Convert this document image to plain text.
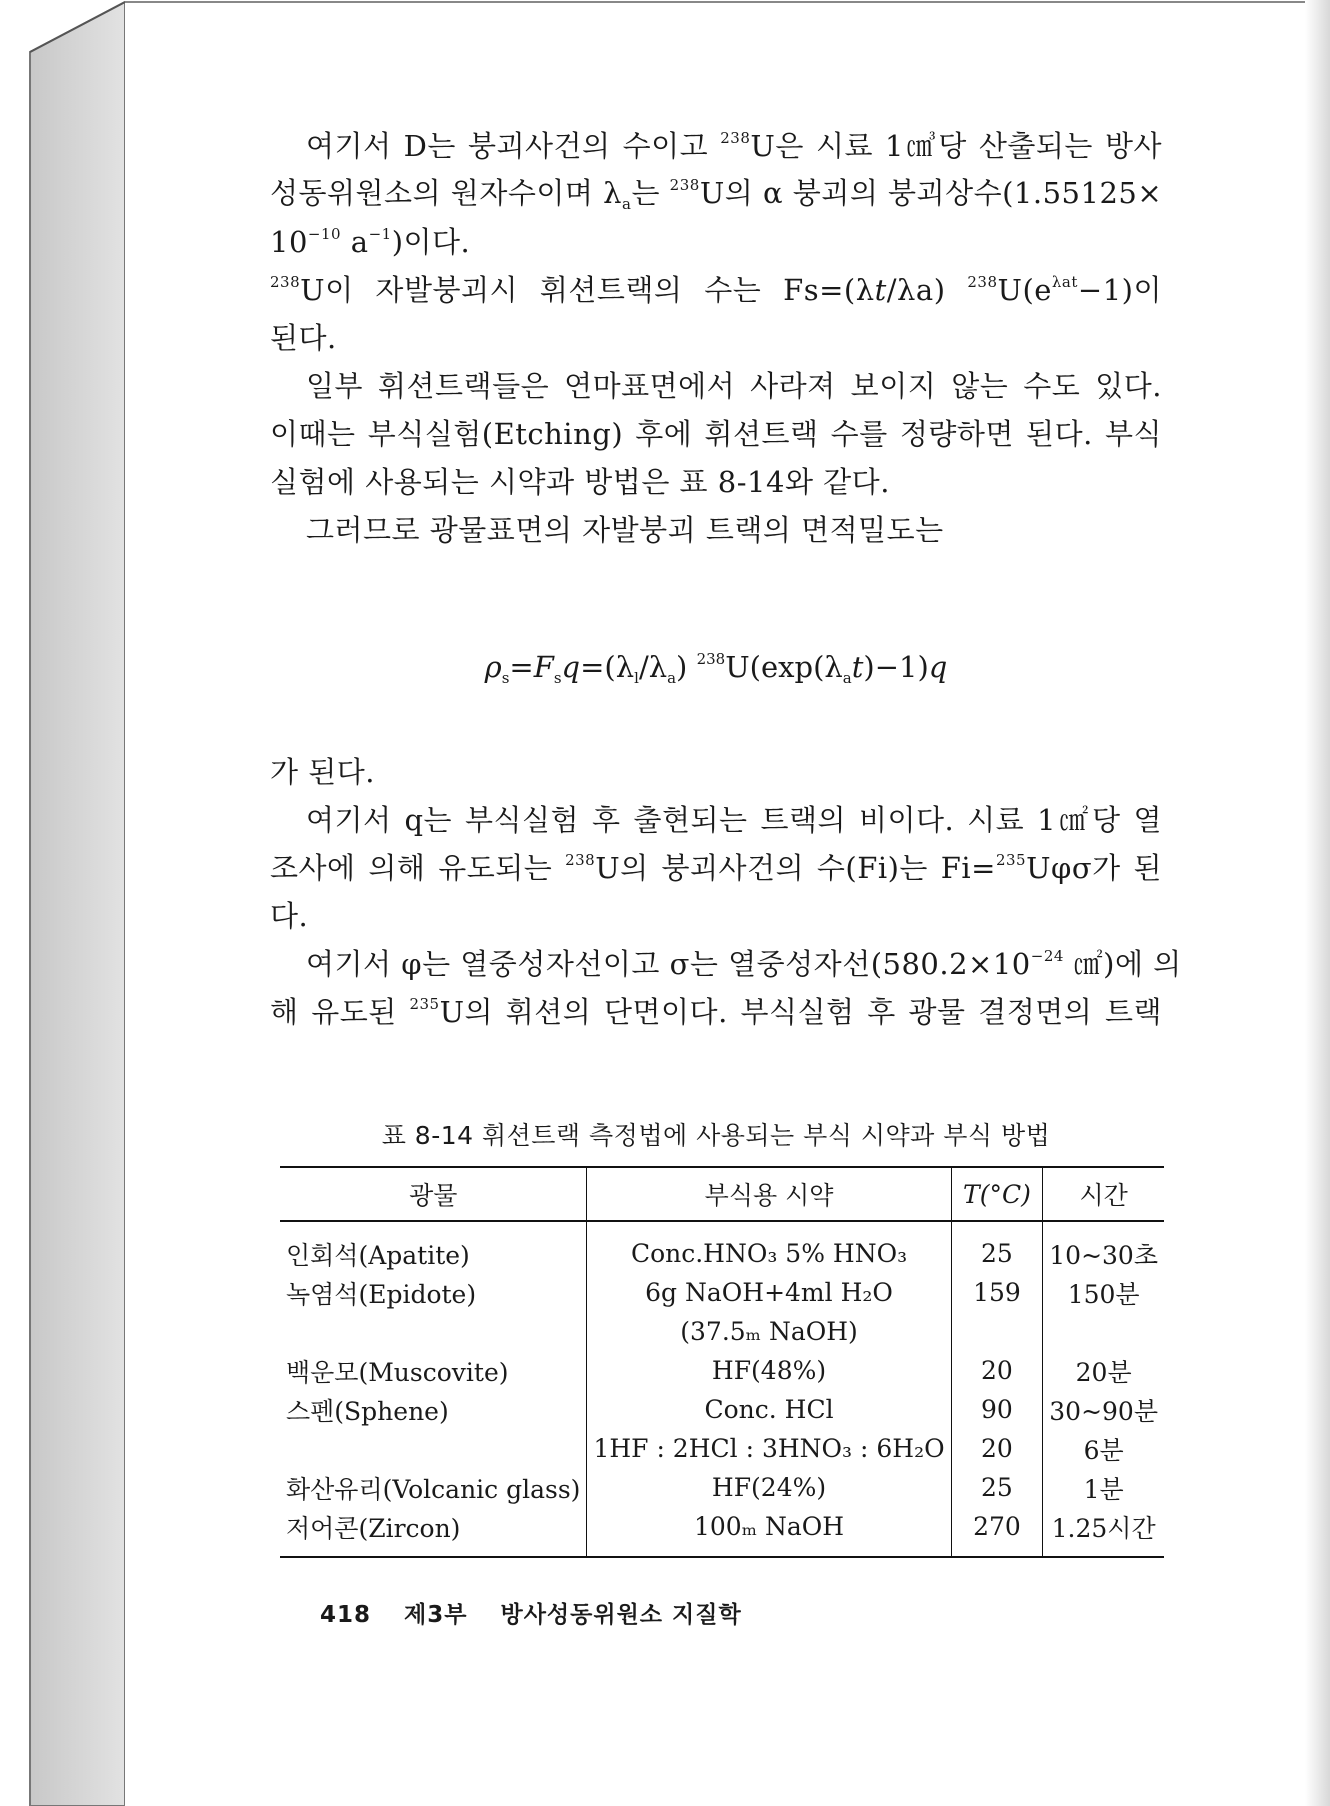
여기서 D는 붕괴사건의 수이고 $^{238}$U은 시료 1㎤당 산출되는 방사
성동위원소의 원자수이며 $\lambda_a$는 $^{238}$U의 α 붕괴의 붕괴상수(1.55125×
$10^{-10}$ $a^{-1}$)이다.
$^{238}$U이 자발붕괴시 휘션트랙의 수는 Fs=(λt/λa) $^{238}U(e^{\lambda at}-1)$이
된다.
일부 휘션트랙들은 연마표면에서 사라져 보이지 않는 수도 있다.
이때는 부식실험(Etching) 후에 휘션트랙 수를 정량하면 된다. 부식
실험에 사용되는 시약과 방법은 표 8-14와 같다.
그러므로 광물표면의 자발붕괴 트랙의 면적밀도는
$\rho_s=F_sq=(\lambda_l/\lambda_a)$ $^{238}U(\exp(\lambda_at)-1)q$
가 된다.
여기서 q는 부식실험 후 출현되는 트랙의 비이다. 시료 1㎠당 열
조사에 의해 유도되는 $^{238}$U의 붕괴사건의 수(Fi)는 Fi=$^{235}$Uφσ가 된
다.
여기서 φ는 열중성자선이고 σ는 열중성자선($580.2\times 10^{-24}$ ㎠)에 의
해 유도된 $^{235}$U의 휘션의 단면이다. 부식실험 후 광물 결정면의 트랙
표 8-14 휘션트랙 측정법에 사용되는 부식 시약과 부식 방법
광물	부식용 시약	T(°C)	시간
인회석(Apatite)	Conc.HNO₃ 5% HNO₃	25	10~30초
녹염석(Epidote)	6g NaOH+4ml H₂O	159	150분
	(37.5ₘ NaOH)		
백운모(Muscovite)	HF(48%)	20	20분
스펜(Sphene)	Conc. HCl	90	30~90분
	1HF : 2HCl : 3HNO₃ : 6H₂O	20	6분
화산유리(Volcanic glass)	HF(24%)	25	1분
저어콘(Zircon)	100ₘ NaOH	270	1.25시간
418 제3부 방사성동위원소 지질학
